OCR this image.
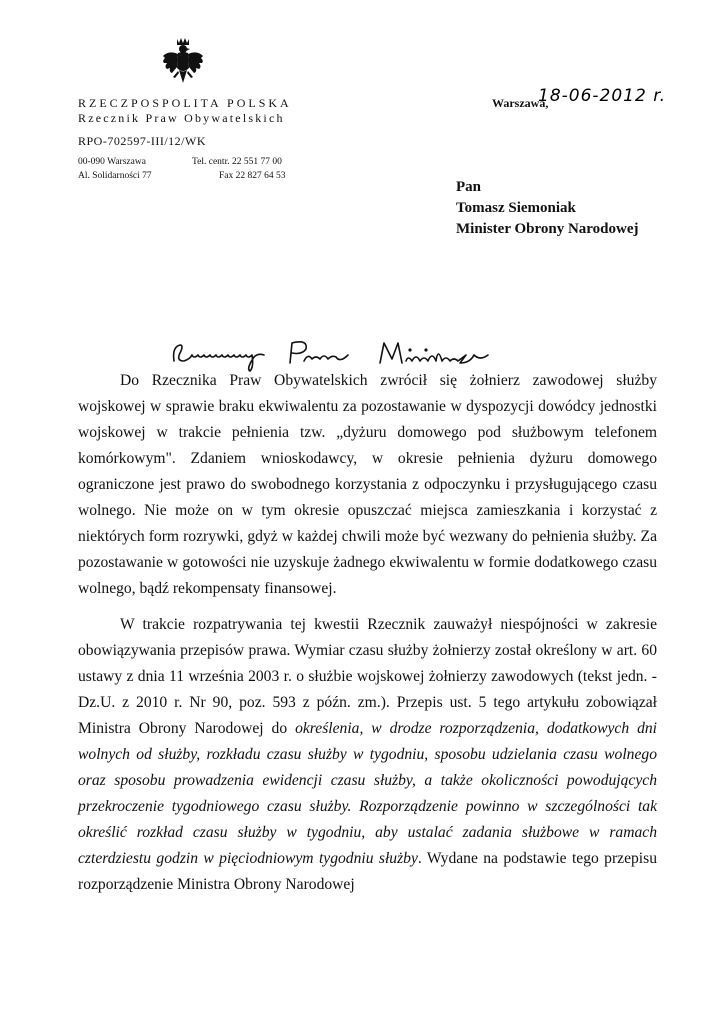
RZECZPOSPOLITA POLSKA
Rzecznik Praw Obywatelskich
RPO-702597-III/12/WK
00-090 Warszawa
Al. Solidarności 77
Tel. centr. 22 551 77 00
Fax 22 827 64 53
Warszawa,
18-06-2012 r.
Pan
Tomasz Siemoniak
Minister Obrony Narodowej

Do Rzecznika Praw Obywatelskich zwrócił się żołnierz zawodowej służby wojskowej w sprawie braku ekwiwalentu za pozostawanie w dyspozycji dowódcy jednostki wojskowej w trakcie pełnienia tzw. „dyżuru domowego pod służbowym telefonem komórkowym". Zdaniem wnioskodawcy, w okresie pełnienia dyżuru domowego ograniczone jest prawo do swobodnego korzystania z odpoczynku i przysługującego czasu wolnego. Nie może on w tym okresie opuszczać miejsca zamieszkania i korzystać z niektórych form rozrywki, gdyż w każdej chwili może być wezwany do pełnienia służby. Za pozostawanie w gotowości nie uzyskuje żadnego ekwiwalentu w formie dodatkowego czasu wolnego, bądź rekompensaty finansowej.

W trakcie rozpatrywania tej kwestii Rzecznik zauważył niespójności w zakresie obowiązywania przepisów prawa. Wymiar czasu służby żołnierzy został określony w art. 60 ustawy z dnia 11 września 2003 r. o służbie wojskowej żołnierzy zawodowych (tekst jedn. - Dz.U. z 2010 r. Nr 90, poz. 593 z późn. zm.). Przepis ust. 5 tego artykułu zobowiązał Ministra Obrony Narodowej do określenia, w drodze rozporządzenia, dodatkowych dni wolnych od służby, rozkładu czasu służby w tygodniu, sposobu udzielania czasu wolnego oraz sposobu prowadzenia ewidencji czasu służby, a także okoliczności powodujących przekroczenie tygodniowego czasu służby. Rozporządzenie powinno w szczególności tak określić rozkład czasu służby w tygodniu, aby ustalać zadania służbowe w ramach czterdziestu godzin w pięciodniowym tygodniu służby. Wydane na podstawie tego przepisu rozporządzenie Ministra Obrony Narodowej
